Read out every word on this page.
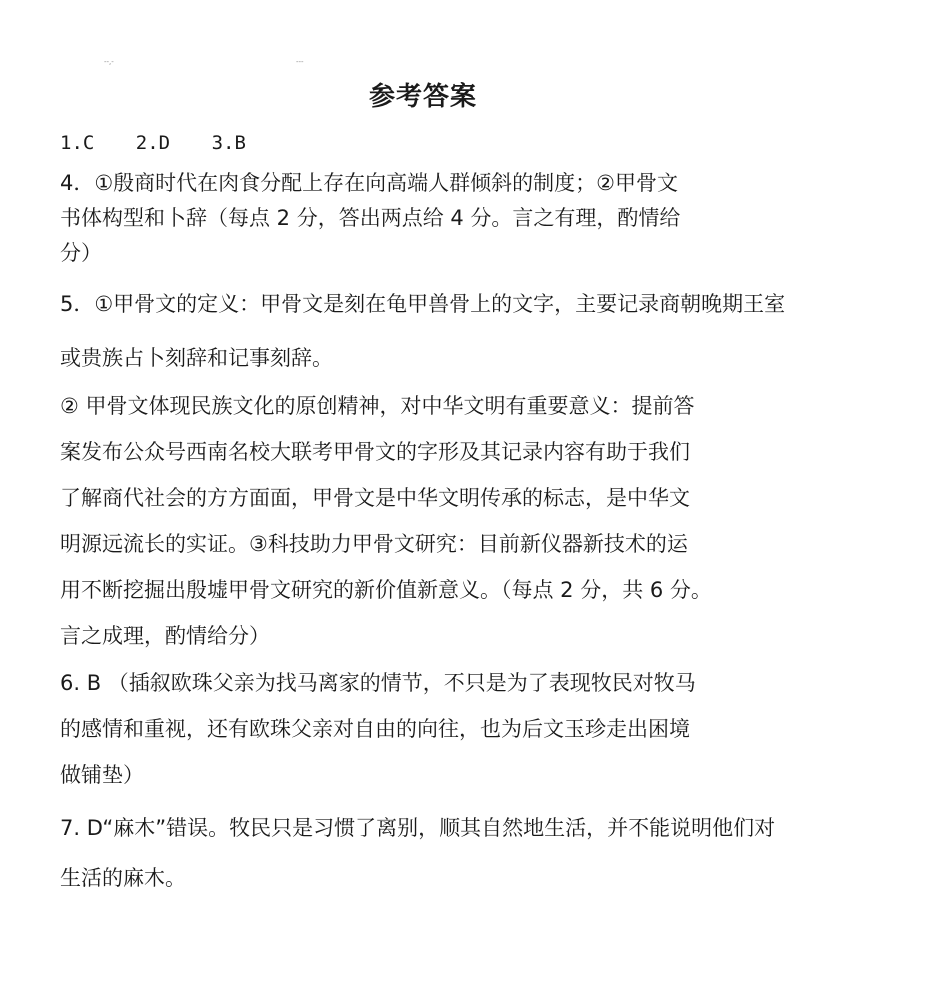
--,-	---
参考答案
1.C 2.D 3.B
4．①殷商时代在肉食分配上存在向高端人群倾斜的制度；②甲骨文
书体构型和卜辞（每点 2 分，答出两点给 4 分。言之有理，酌情给
分）
5．①甲骨文的定义：甲骨文是刻在龟甲兽骨上的文字，主要记录商朝晚期王室
或贵族占卜刻辞和记事刻辞。
② 甲骨文体现民族文化的原创精神，对中华文明有重要意义：提前答
案发布公众号西南名校大联考甲骨文的字形及其记录内容有助于我们
了解商代社会的方方面面，甲骨文是中华文明传承的标志，是中华文
明源远流长的实证。③科技助力甲骨文研究：目前新仪器新技术的运
用不断挖掘出殷墟甲骨文研究的新价值新意义。（每点 2 分，共 6 分。
言之成理，酌情给分）
6. B （插叙欧珠父亲为找马离家的情节，不只是为了表现牧民对牧马
的感情和重视，还有欧珠父亲对自由的向往，也为后文玉珍走出困境
做铺垫）
7. D“麻木”错误。牧民只是习惯了离别，顺其自然地生活，并不能说明他们对
生活的麻木。
